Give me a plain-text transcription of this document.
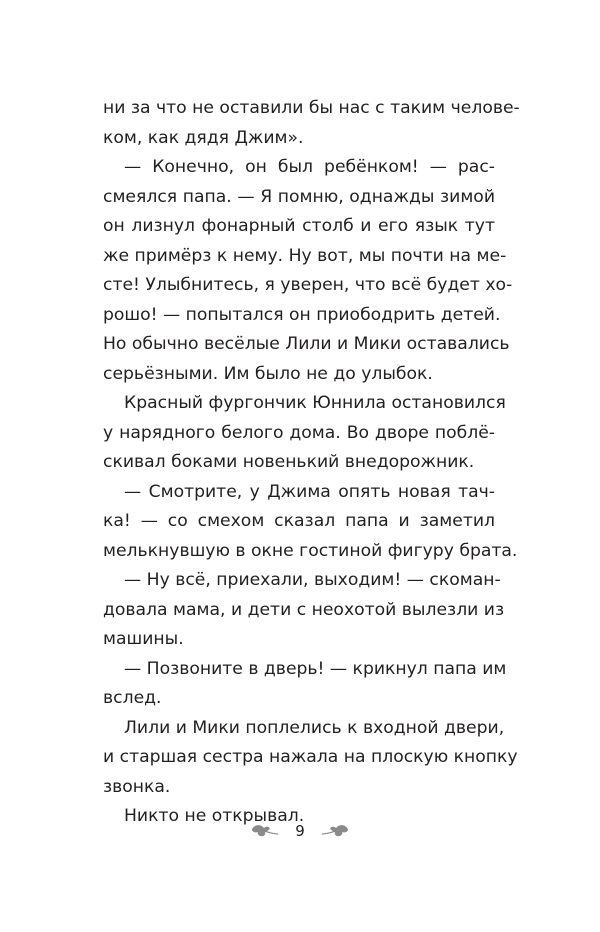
ни за что не оставили бы нас с таким челове-
ком, как дядя Джим».
— Конечно, он был ребёнком! — рас-
смеялся папа. — Я помню, однажды зимой
он лизнул фонарный столб и его язык тут
же примёрз к нему. Ну вот, мы почти на ме-
сте! Улыбнитесь, я уверен, что всё будет хо-
рошо! — попытался он приободрить детей.
Но обычно весёлые Лили и Мики оставались
серьёзными. Им было не до улыбок.
Красный фургончик Юннила остановился
у нарядного белого дома. Во дворе поблё-
скивал боками новенький внедорожник.
— Смотрите, у Джима опять новая тач-
ка! — со смехом сказал папа и заметил
мелькнувшую в окне гостиной фигуру брата.
— Ну всё, приехали, выходим! — скоман-
довала мама, и дети с неохотой вылезли из
машины.
— Позвоните в дверь! — крикнул папа им
вслед.
Лили и Мики поплелись к входной двери,
и старшая сестра нажала на плоскую кнопку
звонка.
Никто не открывал.
9
